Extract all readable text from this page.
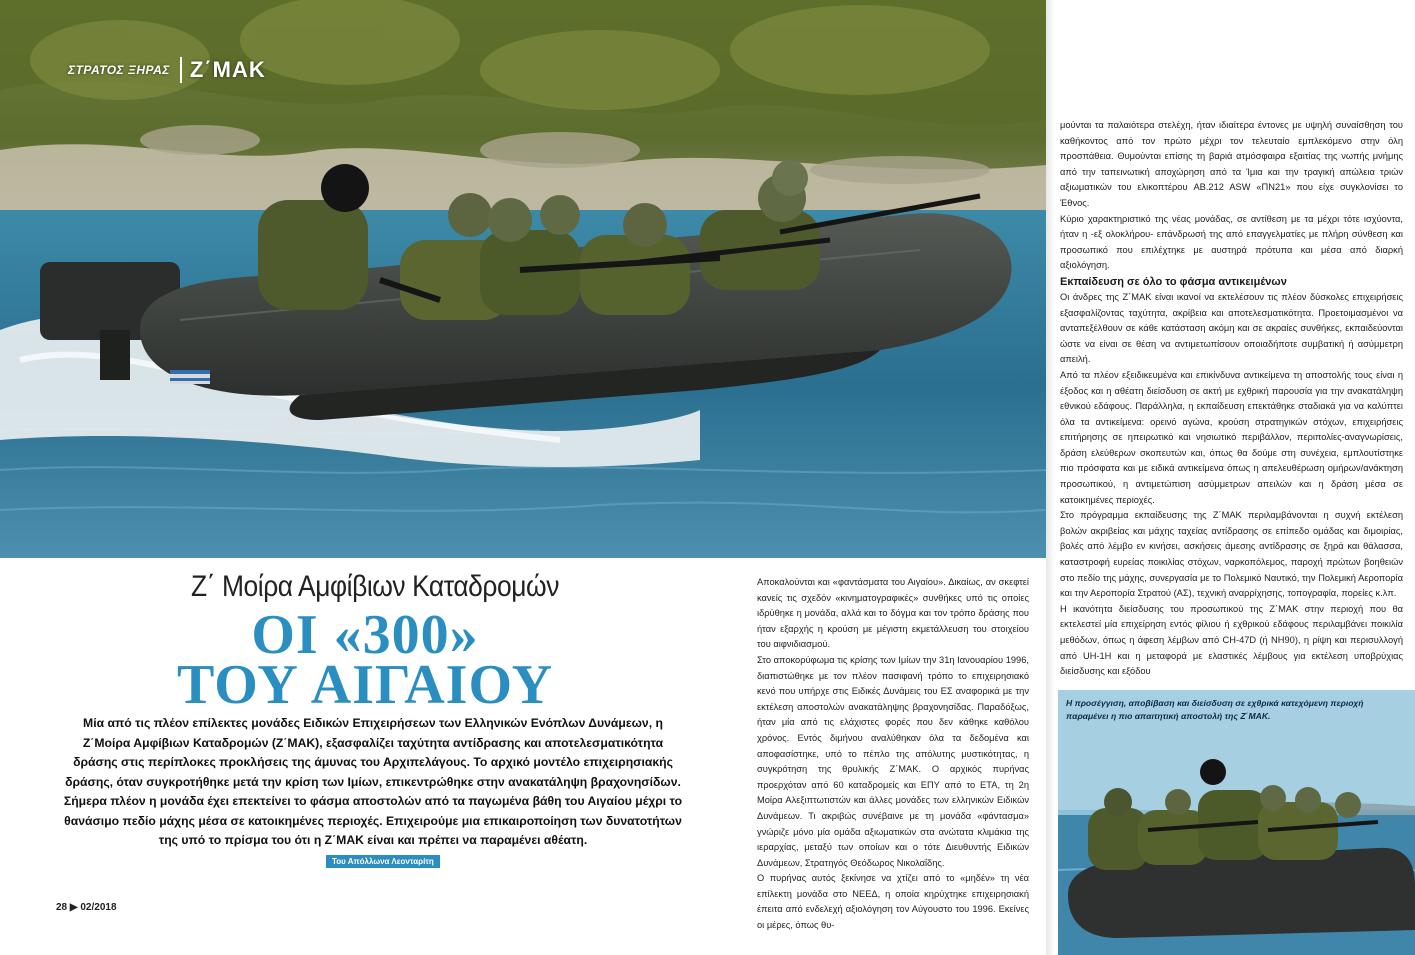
ΣΤΡΑΤΟΣ ΞΗΡΑΣ Ζ΄ΜΑΚ
Ζ΄ Μοίρα Αμφίβιων Καταδρομών
ΟΙ «300»
ΤΟΥ ΑΙΓΑΙΟΥ
Μία από τις πλέον επίλεκτες μονάδες Ειδικών Επιχειρήσεων των Ελληνικών Ενόπλων Δυνάμεων, η Ζ΄Μοίρα Αμφίβιων Καταδρομών (Ζ΄ΜΑΚ), εξασφαλίζει ταχύτητα αντίδρασης και αποτελεσματικότητα δράσης στις περίπλοκες προκλήσεις της άμυνας του Αρχιπελάγους. Το αρχικό μοντέλο επιχειρησιακής δράσης, όταν συγκροτήθηκε μετά την κρίση των Ιμίων, επικεντρώθηκε στην ανακατάληψη βραχονησίδων. Σήμερα πλέον η μονάδα έχει επεκτείνει το φάσμα αποστολών από τα παγωμένα βάθη του Αιγαίου μέχρι το θανάσιμο πεδίο μάχης μέσα σε κατοικημένες περιοχές. Επιχειρούμε μια επικαιροποίηση των δυνατοτήτων της υπό το πρίσμα του ότι η Ζ΄ΜΑΚ είναι και πρέπει να παραμένει αθέατη.
Του Απόλλωνα Λεονταρίτη
28 ▶ 02/2018

Αποκαλούνται και «φαντάσματα του Αιγαίου». Δικαίως, αν σκεφτεί κανείς τις σχεδόν «κινηματογραφικές» συνθήκες υπό τις οποίες ιδρύθηκε η μονάδα, αλλά και το δόγμα και τον τρόπο δράσης που ήταν εξαρχής η κρούση με μέγιστη εκμετάλλευση του στοιχείου του αιφνιδιασμού.

Στο αποκορύφωμα τις κρίσης των Ιμίων την 31η Ιανουαρίου 1996, διαπιστώθηκε με τον πλέον πασιφανή τρόπο το επιχειρησιακό κενό που υπήρχε στις Ειδικές Δυνάμεις του ΕΣ αναφορικά με την εκτέλεση αποστολών ανακατάληψης βραχονησίδας. Παραδόξως, ήταν μία από τις ελάχιστες φορές που δεν κάθηκε καθόλου χρόνος. Εντός διμήνου αναλύθηκαν όλα τα δεδομένα και αποφασίστηκε, υπό το πέπλο της απόλυτης μυστικότητας, η συγκρότηση της θρυλικής Ζ΄ΜΑΚ. Ο αρχικός πυρήνας προερχόταν από 60 καταδρομείς και ΕΠΥ από το ΕΤΑ, τη 2η Μοίρα Αλεξιπτωτιστών και άλλες μονάδες των ελληνικών Ειδικών Δυνάμεων. Τι ακριβώς συνέβαινε με τη μονάδα «φάντασμα» γνώριζε μόνο μία ομάδα αξιωματικών στα ανώτατα κλιμάκια της ιεραρχίας, μεταξύ των οποίων και ο τότε Διευθυντής Ειδικών Δυνάμεων, Στρατηγός Θεόδωρος Νικολαΐδης.

Ο πυρήνας αυτός ξεκίνησε να χτίζει από το «μηδέν» τη νέα επίλεκτη μονάδα στο ΝΕΕΔ, η οποία κηρύχτηκε επιχειρησιακή έπειτα από ενδελεχή αξιολόγηση τον Αύγουστο του 1996. Εκείνες οι μέρες, όπως θυ-

μούνται τα παλαιότερα στελέχη, ήταν ιδιαίτερα έντονες με υψηλή συναίσθηση του καθήκοντος από τον πρώτο μέχρι τον τελευταίο εμπλεκόμενο στην όλη προσπάθεια. Θυμούνται επίσης τη βαριά ατμόσφαιρα εξαιτίας της νωπής μνήμης από την ταπεινωτική αποχώρηση από τα Ίμια και την τραγική απώλεια τριών αξιωματικών του ελικοπτέρου AB.212 ASW «ΠΝ21» που είχε συγκλονίσει το Έθνος.

Κύριο χαρακτηριστικό της νέας μονάδας, σε αντίθεση με τα μέχρι τότε ισχύοντα, ήταν η -εξ ολοκλήρου- επάνδρωσή της από επαγγελματίες με πλήρη σύνθεση και προσωπικό που επιλέχτηκε με αυστηρά πρότυπα και μέσα από διαρκή αξιολόγηση.

Εκπαίδευση σε όλο το φάσμα αντικειμένων

Οι άνδρες της Ζ΄ΜΑΚ είναι ικανοί να εκτελέσουν τις πλέον δύσκολες επιχειρήσεις εξασφαλίζοντας ταχύτητα, ακρίβεια και αποτελεσματικότητα. Προετοιμασμένοι να ανταπεξέλθουν σε κάθε κατάσταση ακόμη και σε ακραίες συνθήκες, εκπαιδεύονται ώστε να είναι σε θέση να αντιμετωπίσουν οποιαδήποτε συμβατική ή ασύμμετρη απειλή.

Από τα πλέον εξειδικευμένα και επικίνδυνα αντικείμενα τη αποστολής τους είναι η έξοδος και η αθέατη διείσδυση σε ακτή με εχθρική παρουσία για την ανακατάληψη εθνικού εδάφους. Παράλληλα, η εκπαίδευση επεκτάθηκε σταδιακά για να καλύπτει όλα τα αντικείμενα: ορεινό αγώνα, κρούση στρατηγικών στόχων, επιχειρήσεις επιτήρησης σε ηπειρωτικό και νησιωτικό περιβάλλον, περιπολίες-αναγνωρίσεις, δράση ελεύθερων σκοπευτών και, όπως θα δούμε στη συνέχεια, εμπλουτίστηκε πιο πρόσφατα και με ειδικά αντικείμενα όπως η απελευθέρωση ομήρων/ανάκτηση προσωπικού, η αντιμετώπιση ασύμμετρων απειλών και η δράση μέσα σε κατοικημένες περιοχές.

Στο πρόγραμμα εκπαίδευσης της Ζ΄ΜΑΚ περιλαμβάνονται η συχνή εκτέλεση βολών ακριβείας και μάχης ταχείας αντίδρασης σε επίπεδο ομάδας και διμοιρίας, βολές από λέμβο εν κινήσει, ασκήσεις άμεσης αντίδρασης σε ξηρά και θάλασσα, καταστροφή ευρείας ποικιλίας στόχων, ναρκοπόλεμος, παροχή πρώτων βοηθειών στο πεδίο της μάχης, συνεργασία με το Πολεμικό Ναυτικό, την Πολεμική Αεροπορία και την Αεροπορία Στρατού (ΑΣ), τεχνική αναρρίχησης, τοπογραφία, πορείες κ.λπ.

Η ικανότητα διείσδυσης του προσωπικού της Ζ΄ΜΑΚ στην περιοχή που θα εκτελεστεί μία επιχείρηση εντός φίλιου ή εχθρικού εδάφους περιλαμβάνει ποικιλία μεθόδων, όπως η άφεση λέμβων από CH-47D (ή NH90), η ρίψη και περισυλλογή από UH-1H και η μεταφορά με ελαστικές λέμβους για εκτέλεση υποβρύχιας διείσδυσης και εξόδου

Η προσέγγιση, αποβίβαση και διείσδυση σε εχθρικά κατεχόμενη περιοχή παραμένει η πιο απαιτητική αποστολή της Ζ΄ΜΑΚ.
